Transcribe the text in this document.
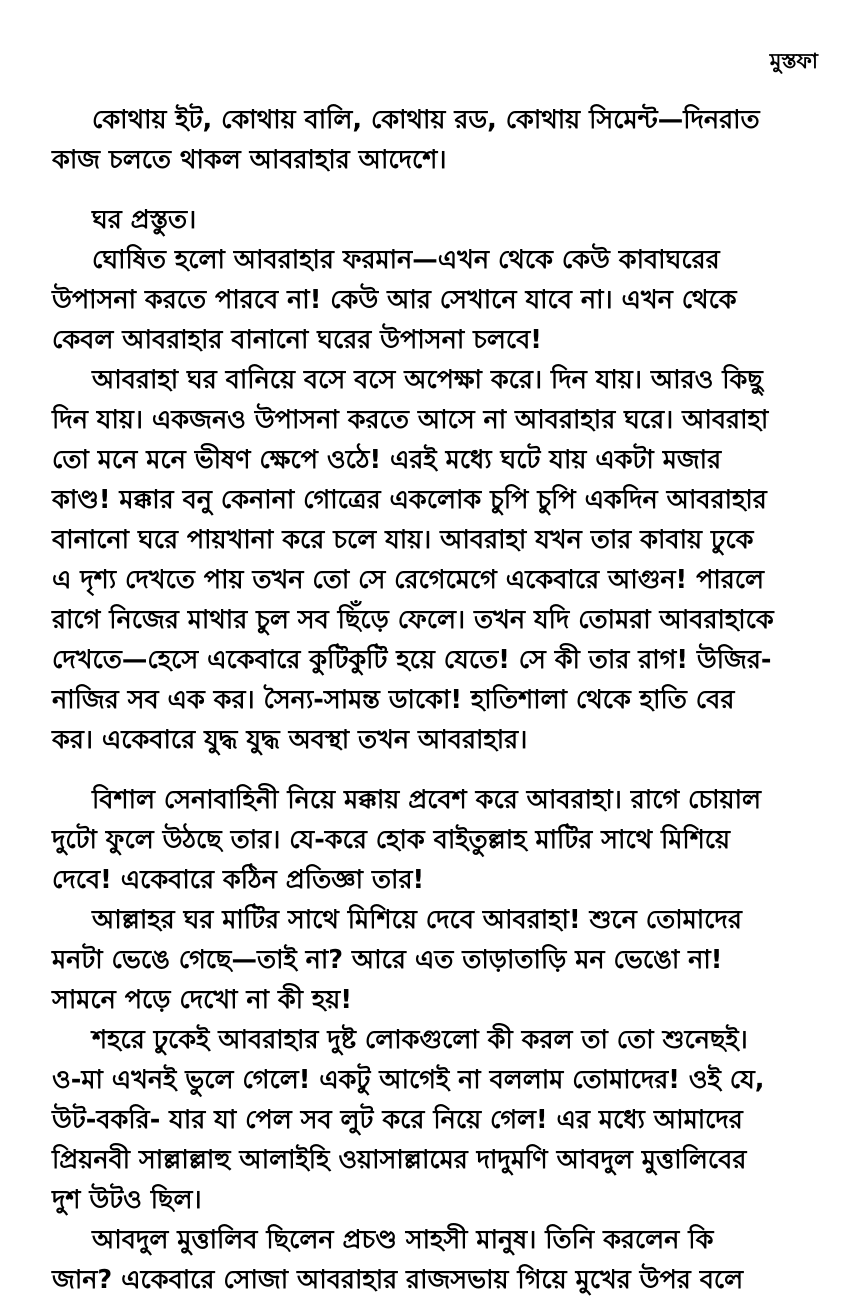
মুস্তফা

কোথায় ইট, কোথায় বালি, কোথায় রড, কোথায় সিমেন্ট—দিনরাত
কাজ চলতে থাকল আবরাহার আদেশে।

ঘর প্রস্তুত।

ঘোষিত হলো আবরাহার ফরমান—এখন থেকে কেউ কাবাঘরের
উপাসনা করতে পারবে না! কেউ আর সেখানে যাবে না। এখন থেকে
কেবল আবরাহার বানানো ঘরের উপাসনা চলবে!

আবরাহা ঘর বানিয়ে বসে বসে অপেক্ষা করে। দিন যায়। আরও কিছু
দিন যায়। একজনও উপাসনা করতে আসে না আবরাহার ঘরে। আবরাহা
তো মনে মনে ভীষণ ক্ষেপে ওঠে! এরই মধ্যে ঘটে যায় একটা মজার
কাণ্ড! মক্কার বনু কেনানা গোত্রের একলোক চুপি চুপি একদিন আবরাহার
বানানো ঘরে পায়খানা করে চলে যায়। আবরাহা যখন তার কাবায় ঢুকে
এ দৃশ্য দেখতে পায় তখন তো সে রেগেমেগে একেবারে আগুন! পারলে
রাগে নিজের মাথার চুল সব ছিঁড়ে ফেলে। তখন যদি তোমরা আবরাহাকে
দেখতে—হেসে একেবারে কুটিকুটি হয়ে যেতে! সে কী তার রাগ! উজির-
নাজির সব এক কর। সৈন্য-সামন্ত ডাকো! হাতিশালা থেকে হাতি বের
কর। একেবারে যুদ্ধ যুদ্ধ অবস্থা তখন আবরাহার।

বিশাল সেনাবাহিনী নিয়ে মক্কায় প্রবেশ করে আবরাহা। রাগে চোয়াল
দুটো ফুলে উঠছে তার। যে-করে হোক বাইতুল্লাহ মাটির সাথে মিশিয়ে
দেবে! একেবারে কঠিন প্রতিজ্ঞা তার!

আল্লাহর ঘর মাটির সাথে মিশিয়ে দেবে আবরাহা! শুনে তোমাদের
মনটা ভেঙে গেছে—তাই না? আরে এত তাড়াতাড়ি মন ভেঙো না!
সামনে পড়ে দেখো না কী হয়!

শহরে ঢুকেই আবরাহার দুষ্ট লোকগুলো কী করল তা তো শুনেছই।
ও-মা এখনই ভুলে গেলে! একটু আগেই না বললাম তোমাদের! ওই যে,
উট-বকরি- যার যা পেল সব লুট করে নিয়ে গেল! এর মধ্যে আমাদের
প্রিয়নবী সাল্লাল্লাহু আলাইহি ওয়াসাল্লামের দাদুমণি আবদুল মুত্তালিবের
দুশ উটও ছিল।

আবদুল মুত্তালিব ছিলেন প্রচণ্ড সাহসী মানুষ। তিনি করলেন কি
জান? একেবারে সোজা আবরাহার রাজসভায় গিয়ে মুখের উপর বলে
